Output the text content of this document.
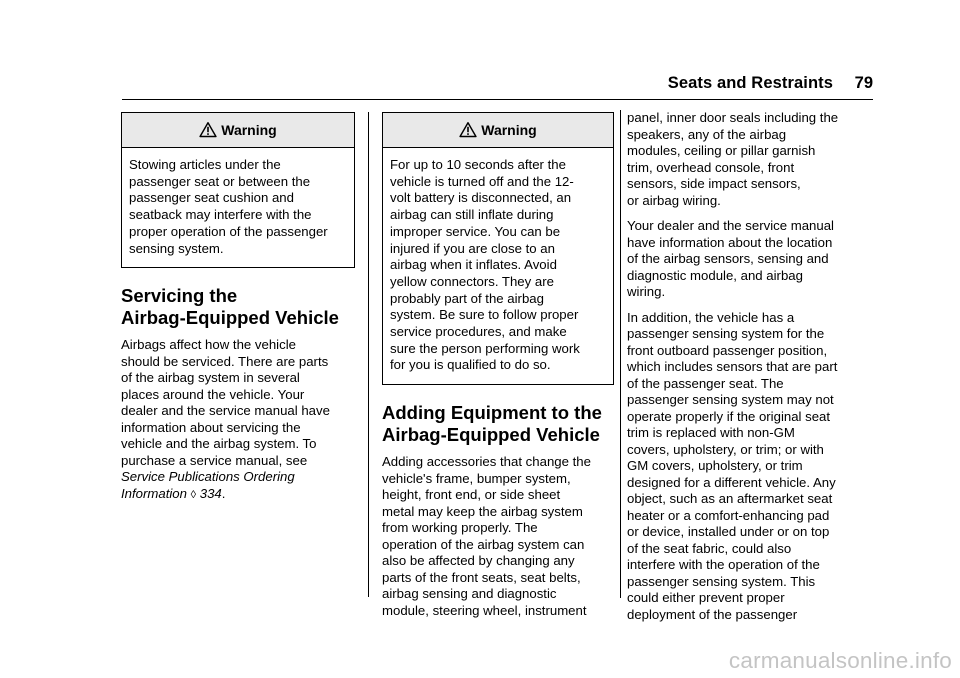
Seats and Restraints 79
Warning
Stowing articles under the
passenger seat or between the
passenger seat cushion and
seatback may interfere with the
proper operation of the passenger
sensing system.
Servicing the
Airbag-Equipped Vehicle
Airbags affect how the vehicle
should be serviced. There are parts
of the airbag system in several
places around the vehicle. Your
dealer and the service manual have
information about servicing the
vehicle and the airbag system. To
purchase a service manual, see
Service Publications Ordering
Information ◊ 334.
Warning
For up to 10 seconds after the
vehicle is turned off and the 12-
volt battery is disconnected, an
airbag can still inflate during
improper service. You can be
injured if you are close to an
airbag when it inflates. Avoid
yellow connectors. They are
probably part of the airbag
system. Be sure to follow proper
service procedures, and make
sure the person performing work
for you is qualified to do so.
Adding Equipment to the
Airbag-Equipped Vehicle
Adding accessories that change the
vehicle's frame, bumper system,
height, front end, or side sheet
metal may keep the airbag system
from working properly. The
operation of the airbag system can
also be affected by changing any
parts of the front seats, seat belts,
airbag sensing and diagnostic
module, steering wheel, instrument
panel, inner door seals including the
speakers, any of the airbag
modules, ceiling or pillar garnish
trim, overhead console, front
sensors, side impact sensors,
or airbag wiring.
Your dealer and the service manual
have information about the location
of the airbag sensors, sensing and
diagnostic module, and airbag
wiring.
In addition, the vehicle has a
passenger sensing system for the
front outboard passenger position,
which includes sensors that are part
of the passenger seat. The
passenger sensing system may not
operate properly if the original seat
trim is replaced with non-GM
covers, upholstery, or trim; or with
GM covers, upholstery, or trim
designed for a different vehicle. Any
object, such as an aftermarket seat
heater or a comfort-enhancing pad
or device, installed under or on top
of the seat fabric, could also
interfere with the operation of the
passenger sensing system. This
could either prevent proper
deployment of the passenger
carmanualsonline.info
